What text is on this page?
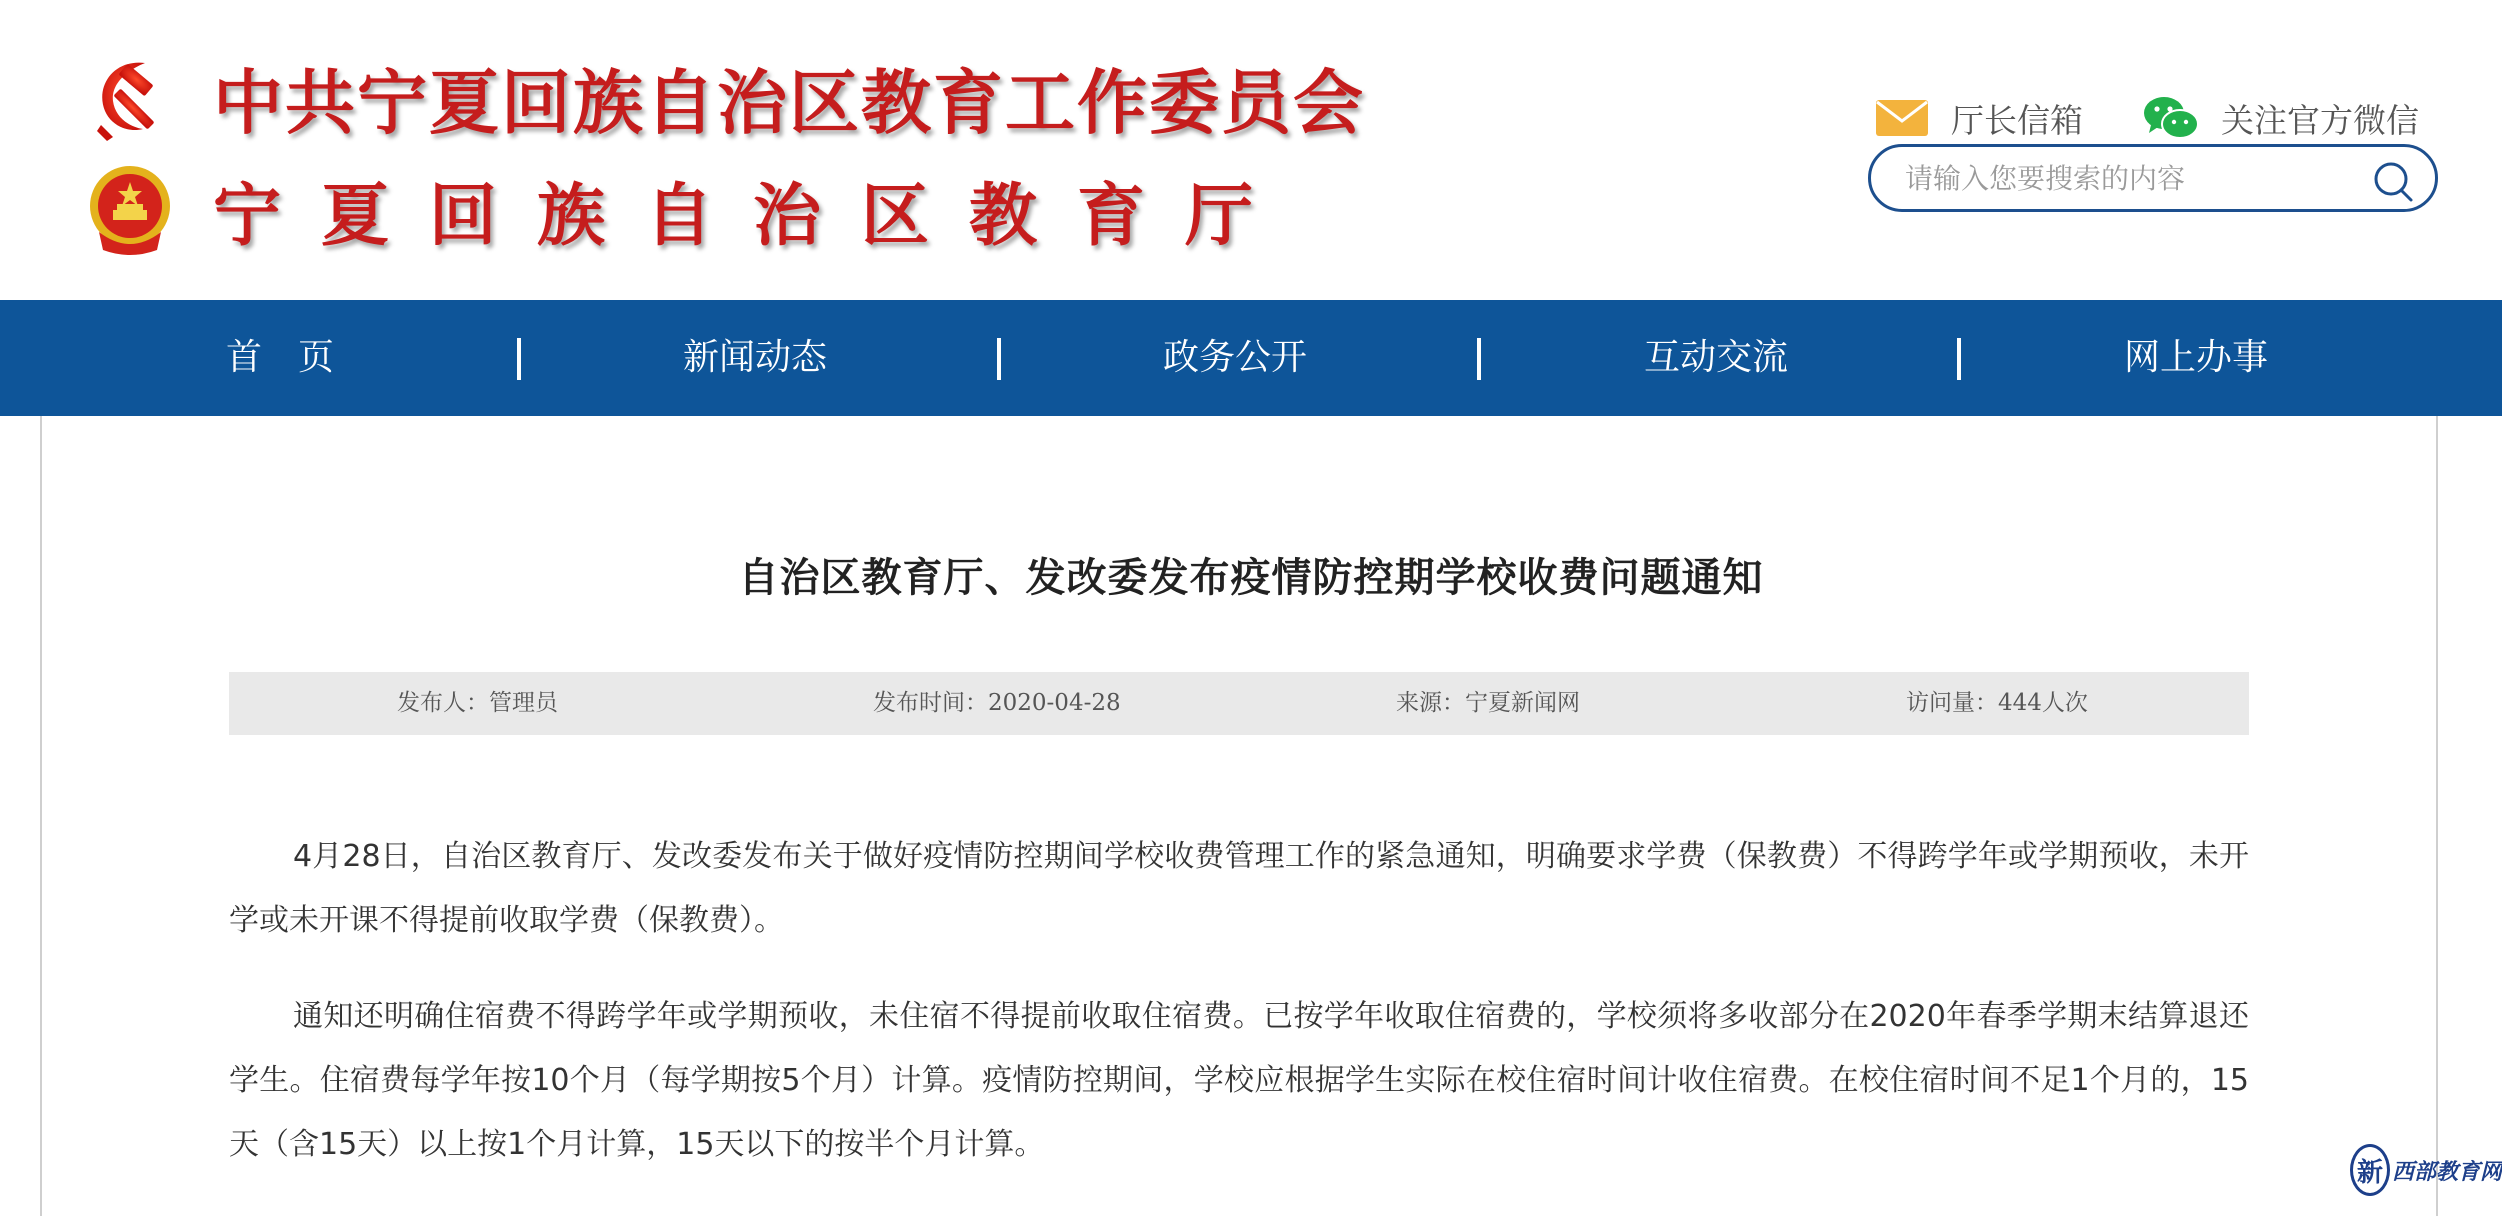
中共宁夏回族自治区教育工作委员会
宁夏回族自治区教育厅
厅长信箱	关注官方微信
请输入您要搜索的内容
首　页	新闻动态	政务公开	互动交流	网上办事
自治区教育厅、发改委发布疫情防控期学校收费问题通知
发布人：管理员	发布时间：2020-04-28	来源：宁夏新闻网	访问量：444人次

4月28日，自治区教育厅、发改委发布关于做好疫情防控期间学校收费管理工作的紧急通知，明确要求学费（保教费）不得跨学年或学期预收，未开学或未开课不得提前收取学费（保教费）。

通知还明确住宿费不得跨学年或学期预收，未住宿不得提前收取住宿费。已按学年收取住宿费的，学校须将多收部分在2020年春季学期末结算退还学生。住宿费每学年按10个月（每学期按5个月）计算。疫情防控期间，学校应根据学生实际在校住宿时间计收住宿费。在校住宿时间不足1个月的，15天（含15天）以上按1个月计算，15天以下的按半个月计算。

新 西部教育网
